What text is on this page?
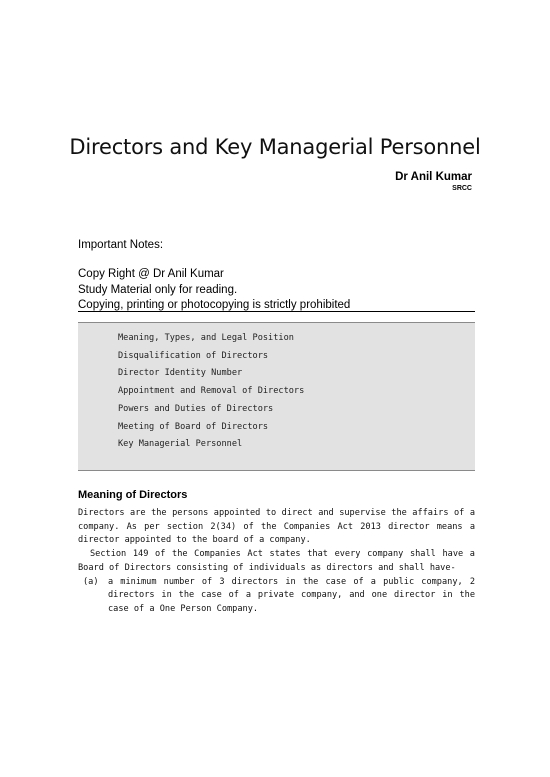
Directors and Key Managerial Personnel
Dr Anil Kumar
SRCC
Important Notes:
Copy Right @ Dr Anil Kumar
Study Material only for reading.
Copying, printing or photocopying is strictly prohibited
Meaning, Types, and Legal Position
Disqualification of Directors
Director Identity Number
Appointment and Removal of Directors
Powers and Duties of Directors
Meeting of Board of Directors
Key Managerial Personnel
Meaning of Directors

Directors are the persons appointed to direct and supervise the affairs of a company. As per section 2(34) of the Companies Act 2013 director means a director appointed to the board of a company.

Section 149 of the Companies Act states that every company shall have a Board of Directors consisting of individuals as directors and shall have-

(a) a minimum number of 3 directors in the case of a public company, 2 directors in the case of a private company, and one director in the case of a One Person Company.
